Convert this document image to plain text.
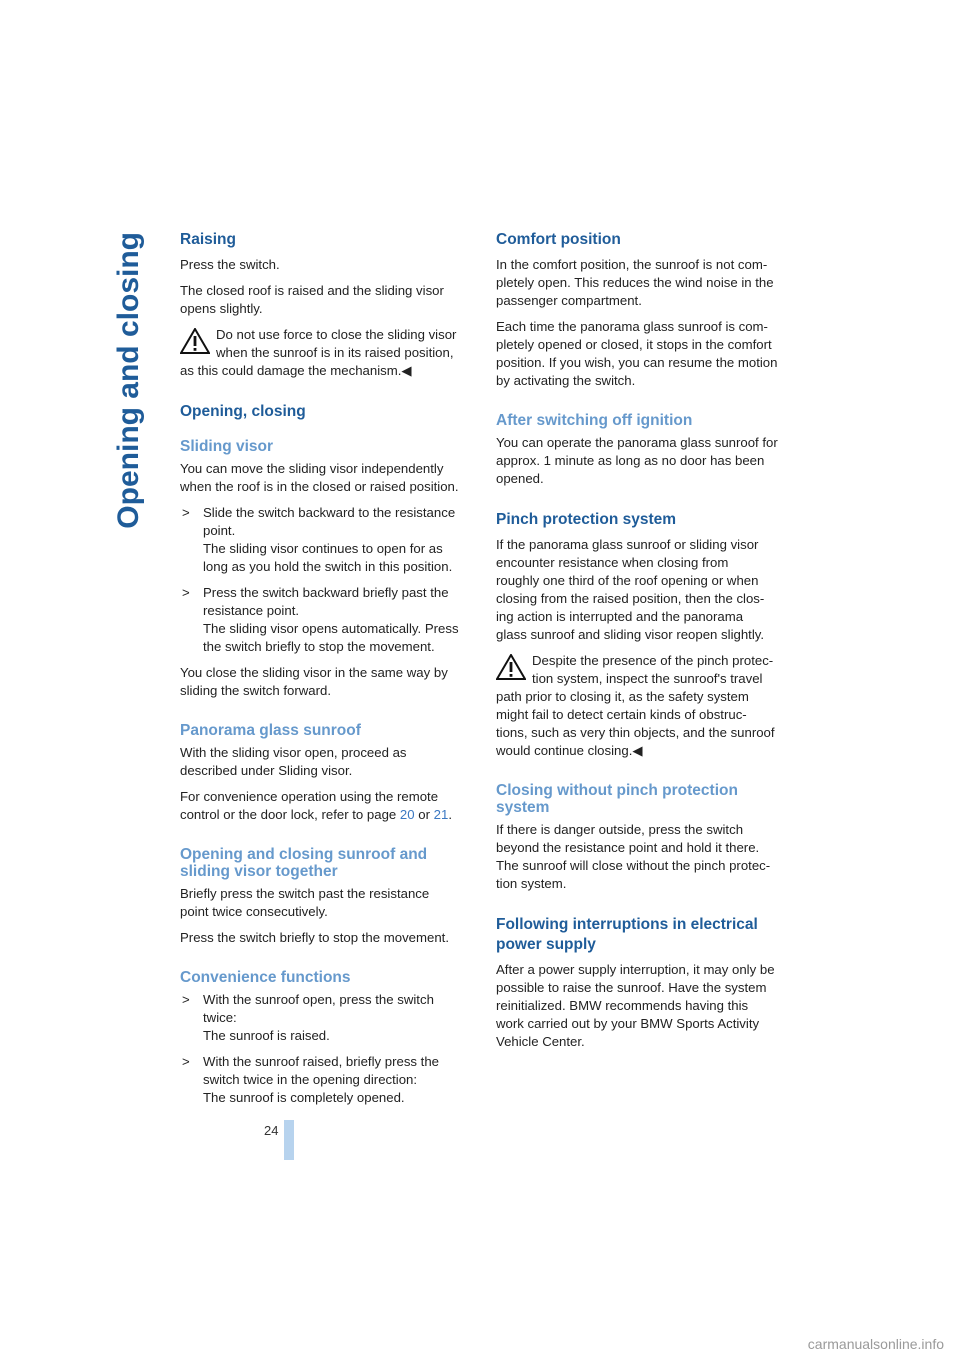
Opening and closing Raising

Press the switch.

The closed roof is raised and the sliding visor
opens slightly.

Do not use force to close the sliding visor
when the sunroof is in its raised position,
as this could damage the mechanism.◀
Opening, closing
Sliding visor

You can move the sliding visor independently
when the roof is in the closed or raised position.

> Slide the switch backward to the resistance
point.
The sliding visor continues to open for as
long as you hold the switch in this position.
> Press the switch backward briefly past the
resistance point.
The sliding visor opens automatically. Press
the switch briefly to stop the movement.

You close the sliding visor in the same way by
sliding the switch forward.

Panorama glass sunroof

With the sliding visor open, proceed as
described under Sliding visor.

For convenience operation using the remote
control or the door lock, refer to page 20 or 21.

Opening and closing sunroof and
sliding visor together

Briefly press the switch past the resistance
point twice consecutively.

Press the switch briefly to stop the movement.

Convenience functions
> With the sunroof open, press the switch
twice:
The sunroof is raised.
> With the sunroof raised, briefly press the
switch twice in the opening direction:
The sunroof is completely opened.
Comfort position

In the comfort position, the sunroof is not com-
pletely open. This reduces the wind noise in the
passenger compartment.

Each time the panorama glass sunroof is com-
pletely opened or closed, it stops in the comfort
position. If you wish, you can resume the motion
by activating the switch.

After switching off ignition

You can operate the panorama glass sunroof for
approx. 1 minute as long as no door has been
opened.

Pinch protection system

If the panorama glass sunroof or sliding visor
encounter resistance when closing from
roughly one third of the roof opening or when
closing from the raised position, then the clos-
ing action is interrupted and the panorama
glass sunroof and sliding visor reopen slightly.

Despite the presence of the pinch protec-
tion system, inspect the sunroof's travel
path prior to closing it, as the safety system
might fail to detect certain kinds of obstruc-
tions, such as very thin objects, and the sunroof
would continue closing.◀
Closing without pinch protection
system

If there is danger outside, press the switch
beyond the resistance point and hold it there.
The sunroof will close without the pinch protec-
tion system.

Following interruptions in electrical
power supply

After a power supply interruption, it may only be
possible to raise the sunroof. Have the system
reinitialized. BMW recommends having this
work carried out by your BMW Sports Activity
Vehicle Center.

24
carmanualsonline.info
